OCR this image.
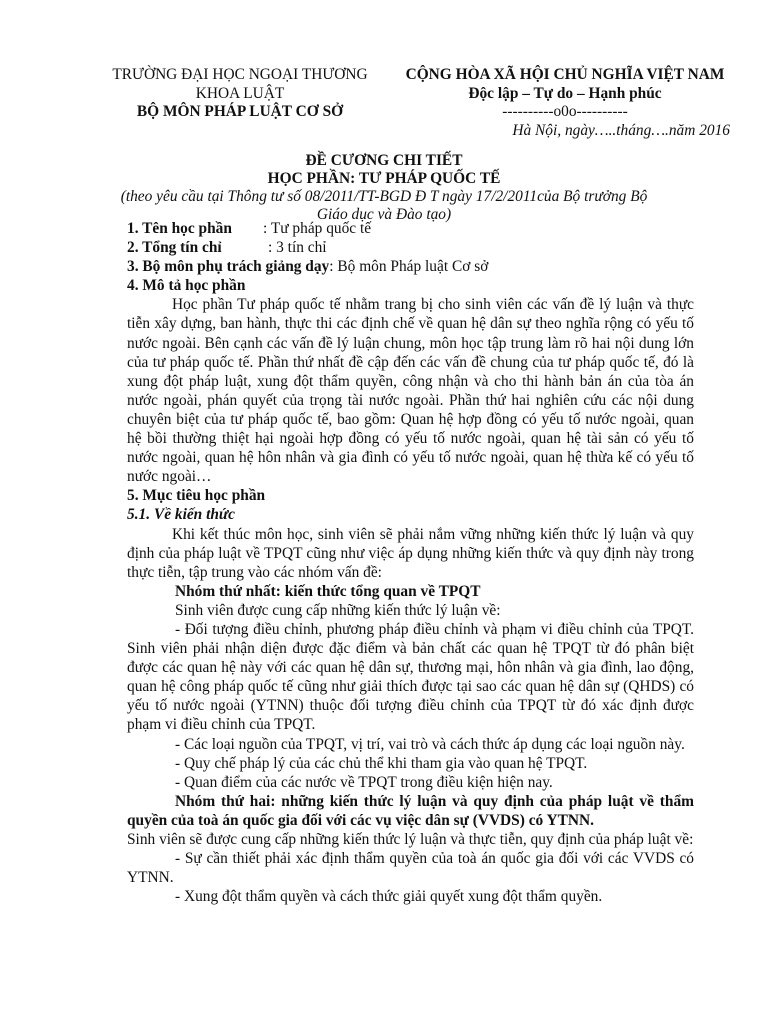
TRƯỜNG ĐẠI HỌC NGOẠI THƯƠNG
KHOA LUẬT
BỘ MÔN PHÁP LUẬT CƠ SỞ
CỘNG HÒA XÃ HỘI CHỦ NGHĨA VIỆT NAM
Độc lập – Tự do – Hạnh phúc
----------o0o----------
Hà Nội, ngày…..tháng….năm 2016
ĐỀ CƯƠNG CHI TIẾT
HỌC PHẦN: TƯ PHÁP QUỐC TẾ
(theo yêu cầu tại Thông tư số 08/2011/TT-BGD Đ T ngày 17/2/2011của Bộ trưởng Bộ Giáo dục và Đào tạo)

1. Tên học phần : Tư pháp quốc tế

2. Tổng tín chỉ	: 3 tín chỉ

3. Bộ môn phụ trách giảng dạy: Bộ môn Pháp luật Cơ sở

4. Mô tả học phần

Học phần Tư pháp quốc tế nhằm trang bị cho sinh viên các vấn đề lý luận và thực tiễn xây dựng, ban hành, thực thi các định chế về quan hệ dân sự theo nghĩa rộng có yếu tố nước ngoài. Bên cạnh các vấn đề lý luận chung, môn học tập trung làm rõ hai nội dung lớn của tư pháp quốc tế. Phần thứ nhất đề cập đến các vấn đề chung của tư pháp quốc tế, đó là xung đột pháp luật, xung đột thẩm quyền, công nhận và cho thi hành bản án của tòa án nước ngoài, phán quyết của trọng tài nước ngoài. Phần thứ hai nghiên cứu các nội dung chuyên biệt của tư pháp quốc tế, bao gồm: Quan hệ hợp đồng có yếu tố nước ngoài, quan hệ bồi thường thiệt hại ngoài hợp đồng có yếu tố nước ngoài, quan hệ tài sản có yếu tố nước ngoài, quan hệ hôn nhân và gia đình có yếu tố nước ngoài, quan hệ thừa kế có yếu tố nước ngoài…

5. Mục tiêu học phần

5.1. Về kiến thức

Khi kết thúc môn học, sinh viên sẽ phải nắm vững những kiến thức lý luận và quy định của pháp luật về TPQT cũng như việc áp dụng những kiến thức và quy định này trong thực tiễn, tập trung vào các nhóm vấn đề:

Nhóm thứ nhất: kiến thức tổng quan về TPQT

Sinh viên được cung cấp những kiến thức lý luận về:

- Đối tượng điều chỉnh, phương pháp điều chỉnh và phạm vi điều chỉnh của TPQT. Sinh viên phải nhận diện được đặc điểm và bản chất các quan hệ TPQT từ đó phân biệt được các quan hệ này với các quan hệ dân sự, thương mại, hôn nhân và gia đình, lao động, quan hệ công pháp quốc tế cũng như giải thích được tại sao các quan hệ dân sự (QHDS) có yếu tố nước ngoài (YTNN) thuộc đối tượng điều chỉnh của TPQT từ đó xác định được phạm vi điều chỉnh của TPQT.

- Các loại nguồn của TPQT, vị trí, vai trò và cách thức áp dụng các loại nguồn này.

- Quy chế pháp lý của các chủ thể khi tham gia vào quan hệ TPQT.

- Quan điểm của các nước về TPQT trong điều kiện hiện nay.

Nhóm thứ hai: những kiến thức lý luận và quy định của pháp luật về thẩm quyền của toà án quốc gia đối với các vụ việc dân sự (VVDS) có YTNN.

Sinh viên sẽ được cung cấp những kiến thức lý luận và thực tiễn, quy định của pháp luật về:

- Sự cần thiết phải xác định thẩm quyền của toà án quốc gia đối với các VVDS có YTNN.

- Xung đột thẩm quyền và cách thức giải quyết xung đột thẩm quyền.
